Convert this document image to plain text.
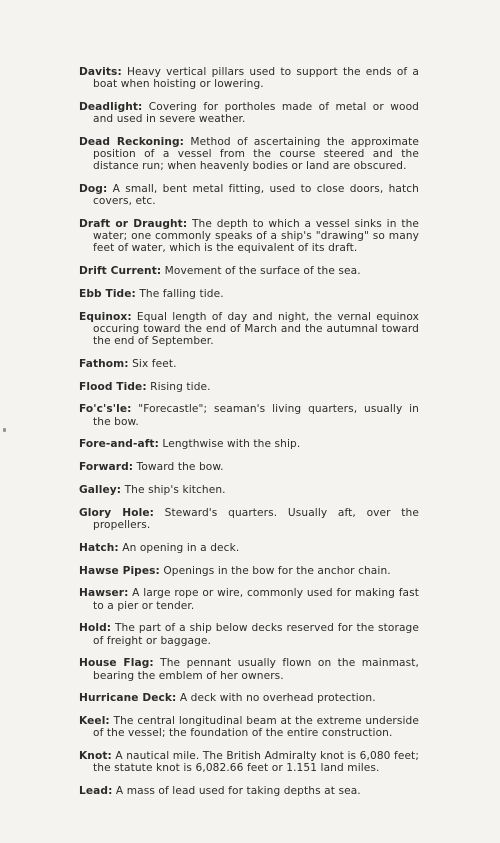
Davits: Heavy vertical pillars used to support the ends of a boat when hoisting or lowering.

Deadlight: Covering for portholes made of metal or wood and used in severe weather.

Dead Reckoning: Method of ascertaining the approximate position of a vessel from the course steered and the distance run; when heavenly bodies or land are obscured.

Dog: A small, bent metal fitting, used to close doors, hatch covers, etc.

Draft or Draught: The depth to which a vessel sinks in the water; one commonly speaks of a ship's "drawing" so many feet of water, which is the equivalent of its draft.

Drift Current: Movement of the surface of the sea.

Ebb Tide: The falling tide.

Equinox: Equal length of day and night, the vernal equinox occuring toward the end of March and the autumnal toward the end of September.

Fathom: Six feet.

Flood Tide: Rising tide.

Fo'c's'le: "Forecastle"; seaman's living quarters, usually in the bow.

Fore-and-aft: Lengthwise with the ship.

Forward: Toward the bow.

Galley: The ship's kitchen.

Glory Hole: Steward's quarters. Usually aft, over the propellers.

Hatch: An opening in a deck.

Hawse Pipes: Openings in the bow for the anchor chain.

Hawser: A large rope or wire, commonly used for making fast to a pier or tender.

Hold: The part of a ship below decks reserved for the storage of freight or baggage.

House Flag: The pennant usually flown on the mainmast, bearing the emblem of her owners.

Hurricane Deck: A deck with no overhead protection.

Keel: The central longitudinal beam at the extreme underside of the vessel; the foundation of the entire construction.

Knot: A nautical mile. The British Admiralty knot is 6,080 feet; the statute knot is 6,082.66 feet or 1.151 land miles.

Lead: A mass of lead used for taking depths at sea.
